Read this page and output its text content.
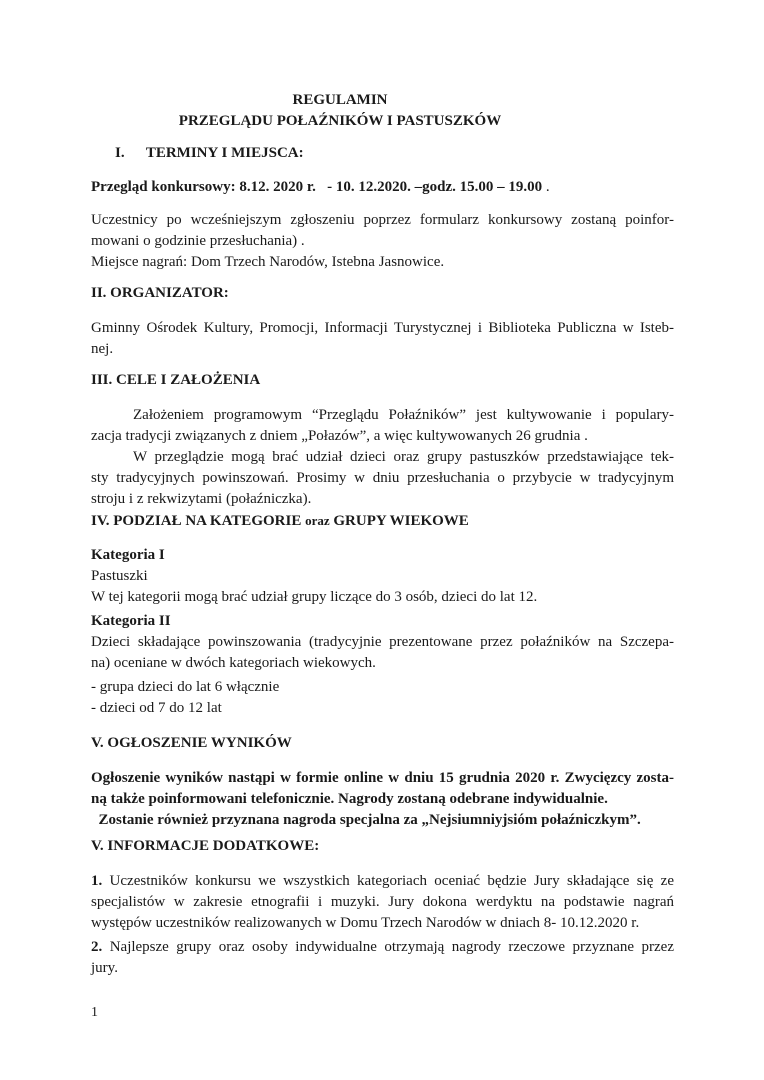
REGULAMIN
PRZEGLĄDU POŁAŹNIKÓW I PASTUSZKÓW
I. TERMINY I MIEJSCA:
Przegląd konkursowy: 8.12. 2020 r.   - 10. 12.2020. –godz. 15.00 – 19.00 .
Uczestnicy po wcześniejszym zgłoszeniu poprzez formularz konkursowy zostaną poinfor-
mowani o godzinie przesłuchania) .
Miejsce nagrań: Dom Trzech Narodów, Istebna Jasnowice.
II. ORGANIZATOR:
Gminny Ośrodek Kultury, Promocji, Informacji Turystycznej i Biblioteka Publiczna w Isteb-
nej.
III. CELE I ZAŁOŻENIA
Założeniem programowym “Przeglądu Połaźników” jest kultywowanie i populary-
zacja tradycji związanych z dniem „Połazów”, a więc kultywowanych 26 grudnia .
W przeglądzie mogą brać udział dzieci oraz grupy pastuszków przedstawiające tek-
sty tradycyjnych powinszowań. Prosimy w dniu przesłuchania o przybycie w tradycyjnym
stroju i z rekwizytami (połaźniczka).
IV. PODZIAŁ NA KATEGORIE oraz GRUPY WIEKOWE
Kategoria I
Pastuszki
W tej kategorii mogą brać udział grupy liczące do 3 osób, dzieci do lat 12.
Kategoria II
Dzieci składające powinszowania (tradycyjnie prezentowane przez połaźników na Szczepa-
na) oceniane w dwóch kategoriach wiekowych.
- grupa dzieci do lat 6 włącznie
- dzieci od 7 do 12 lat
V. OGŁOSZENIE WYNIKÓW
Ogłoszenie wyników nastąpi w formie online w dniu 15 grudnia 2020 r. Zwycięzcy zosta-
ną także poinformowani telefonicznie. Nagrody zostaną odebrane indywidualnie.
Zostanie również przyznana nagroda specjalna za „Nejsiumniyjsióm połaźniczkym”.
V. INFORMACJE DODATKOWE:
1. Uczestników konkursu we wszystkich kategoriach oceniać będzie Jury składające się ze
specjalistów w zakresie etnografii i muzyki. Jury dokona werdyktu na podstawie nagrań
występów uczestników realizowanych w Domu Trzech Narodów w dniach 8- 10.12.2020 r.
2. Najlepsze grupy oraz osoby indywidualne otrzymają nagrody rzeczowe przyznane przez
jury.
1
